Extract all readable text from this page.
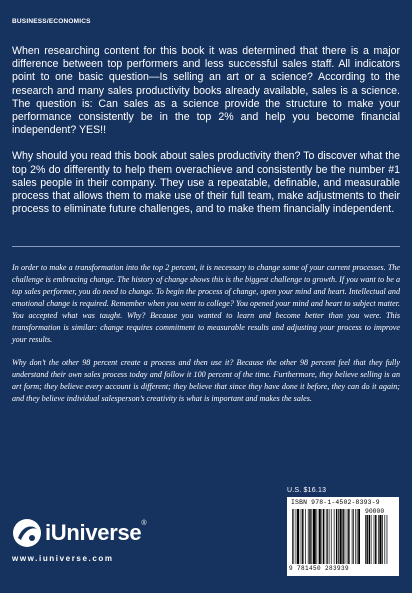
BUSINESS/ECONOMICS

When researching content for this book it was determined that there is a major difference between top performers and less successful sales staff. All indicators point to one basic question—Is selling an art or a science? According to the research and many sales productivity books already available, sales is a science. The question is: Can sales as a science provide the structure to make your performance consistently be in the top 2% and help you become financial independent? YES!!

Why should you read this book about sales productivity then? To discover what the top 2% do differently to help them overachieve and consistently be the number #1 sales people in their company. They use a repeatable, definable, and measurable process that allows them to make use of their full team, make adjustments to their process to eliminate future challenges, and to make them financially independent.

In order to make a transformation into the top 2 percent, it is necessary to change some of your current processes. The challenge is embracing change. The history of change shows this is the biggest challenge to growth. If you want to be a top sales performer, you do need to change. To begin the process of change, open your mind and heart. Intellectual and emotional change is required. Remember when you went to college? You opened your mind and heart to subject matter. You accepted what was taught. Why? Because you wanted to learn and become better than you were. This transformation is similar: change requires commitment to measurable results and adjusting your process to improve your results.

Why don’t the other 98 percent create a process and then use it? Because the other 98 percent feel that they fully understand their own sales process today and follow it 100 percent of the time. Furthermore, they believe selling is an art form; they believe every account is different; they believe that since they have done it before, they can do it again; and they believe individual salesperson’s creativity is what is important and makes the sales.

iUniverse®
www.iuniverse.com
U.S. $16.13
ISBN 978-1-4502-8393-9
90000
9 781450 283939
